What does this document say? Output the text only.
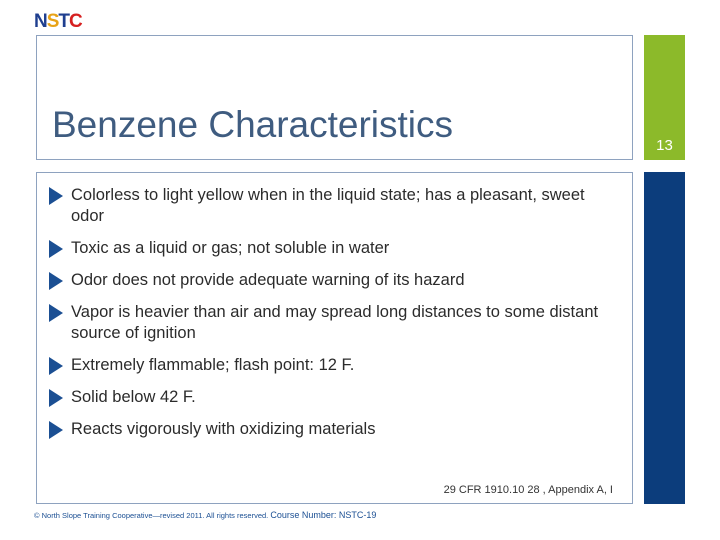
N S T C
Benzene Characteristics
13
Colorless to light yellow when in the liquid state; has a pleasant, sweet odor
Toxic as a liquid or gas; not soluble in water
Odor does not provide adequate warning of its hazard
Vapor is heavier than air and may spread long distances to some distant source of ignition
Extremely flammable; flash point: 12 F.
Solid below 42 F.
Reacts vigorously with oxidizing materials
29 CFR 1910.10 28 , Appendix A, I
© North Slope Training Cooperative—revised 2011. All rights reserved. Course Number: NSTC-19
